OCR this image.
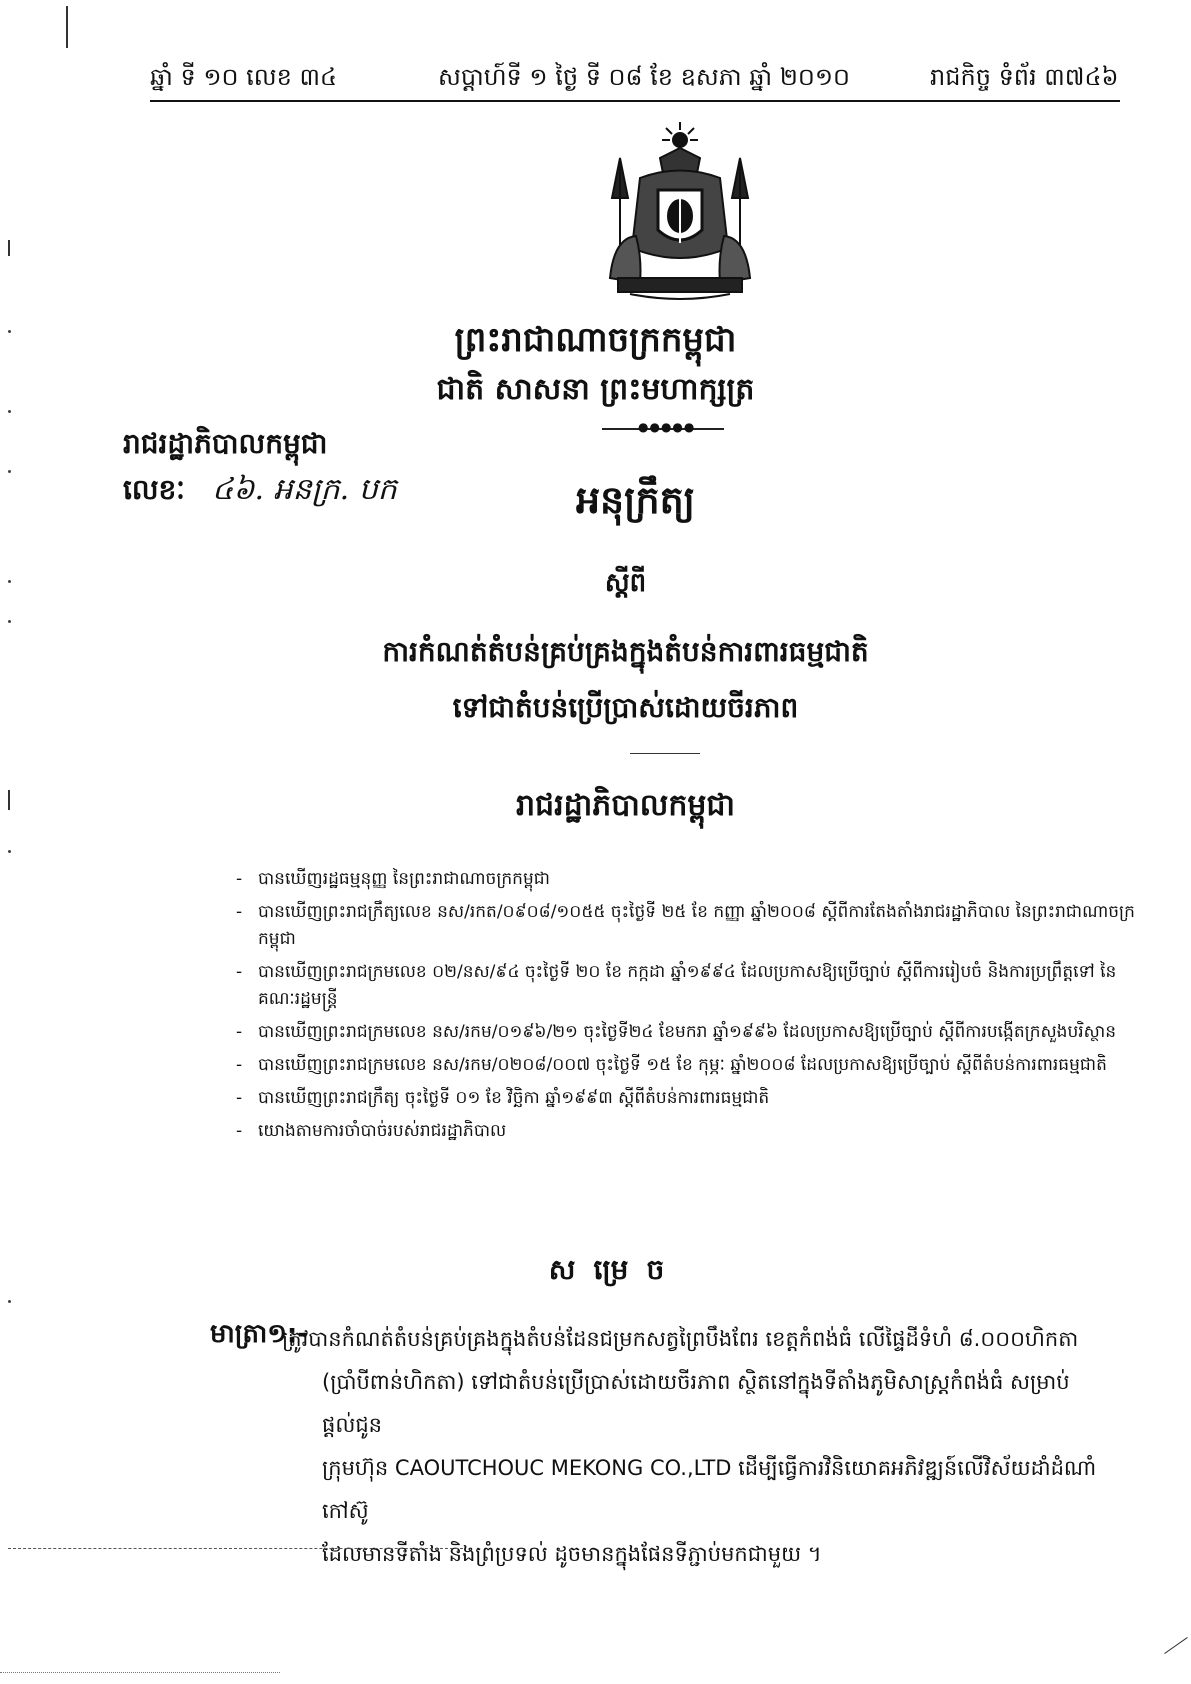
ឆ្នាំ ទី ១០ លេខ ៣៤	សប្តាហ៍ទី ១ ថ្ងៃ ទី ០៨ ខែ ឧសភា ឆ្នាំ ២០១០	រាជកិច្ច ទំព័រ ៣៧៤៦
ព្រះរាជាណាចក្រកម្ពុជា
ជាតិ សាសនា ព្រះមហាក្សត្រ
●●●●●
រាជរដ្ឋាភិបាលកម្ពុជា
លេខៈ ៤៦. អនក្រ. បក	អនុក្រឹត្យ
ស្តីពី
ការកំណត់តំបន់គ្រប់គ្រងក្នុងតំបន់ការពារធម្មជាតិ
ទៅជាតំបន់ប្រើប្រាស់ដោយចីរភាព
រាជរដ្ឋាភិបាលកម្ពុជា
- បានឃើញរដ្ឋធម្មនុញ្ញ នៃព្រះរាជាណាចក្រកម្ពុជា
- បានឃើញព្រះរាជក្រឹត្យលេខ នស/រកត/០៩០៨/១០៥៥ ចុះថ្ងៃទី ២៥ ខែ កញ្ញា ឆ្នាំ២០០៨ ស្តីពីការតែងតាំងរាជរដ្ឋាភិបាល នៃព្រះរាជាណាចក្រកម្ពុជា
- បានឃើញព្រះរាជក្រមលេខ ០២/នស/៩៤ ចុះថ្ងៃទី ២០ ខែ កក្កដា ឆ្នាំ១៩៩៤ ដែលប្រកាសឱ្យប្រើច្បាប់ ស្តីពីការរៀបចំ និងការប្រព្រឹត្តទៅ នៃគណៈរដ្ឋមន្ត្រី
- បានឃើញព្រះរាជក្រមលេខ នស/រកម/០១៩៦/២១ ចុះថ្ងៃទី២៤ ខែមករា ឆ្នាំ១៩៩៦ ដែលប្រកាសឱ្យប្រើច្បាប់ ស្តីពីការបង្កើតក្រសួងបរិស្ថាន
- បានឃើញព្រះរាជក្រមលេខ នស/រកម/០២០៨/០០៧ ចុះថ្ងៃទី ១៥ ខែ កុម្ភៈ ឆ្នាំ២០០៨ ដែលប្រកាសឱ្យប្រើច្បាប់ ស្តីពីតំបន់ការពារធម្មជាតិ
- បានឃើញព្រះរាជក្រឹត្យ ចុះថ្ងៃទី ០១ ខែ វិច្ឆិកា ឆ្នាំ១៩៩៣ ស្តីពីតំបន់ការពារធម្មជាតិ
- យោងតាមការចាំបាច់របស់រាជរដ្ឋាភិបាល
សម្រេច
មាត្រា១:-
ត្រូវបានកំណត់តំបន់គ្រប់គ្រងក្នុងតំបន់ដែនជម្រកសត្វព្រៃបឹងពែរ ខេត្តកំពង់ធំ លើផ្ទៃដីទំហំ ៨.០០០ហិកតា
(ប្រាំបីពាន់ហិកតា) ទៅជាតំបន់ប្រើប្រាស់ដោយចីរភាព ស្ថិតនៅក្នុងទីតាំងភូមិសាស្ត្រកំពង់ធំ សម្រាប់ផ្តល់ជូន
ក្រុមហ៊ុន CAOUTCHOUC MEKONG CO.,LTD ដើម្បីធ្វើការវិនិយោគអភិវឌ្ឍន៍លើវិស័យដាំដំណាំកៅស៊ូ
ដែលមានទីតាំង និងព្រំប្រទល់ ដូចមានក្នុងផែនទីភ្ជាប់មកជាមួយ ។
